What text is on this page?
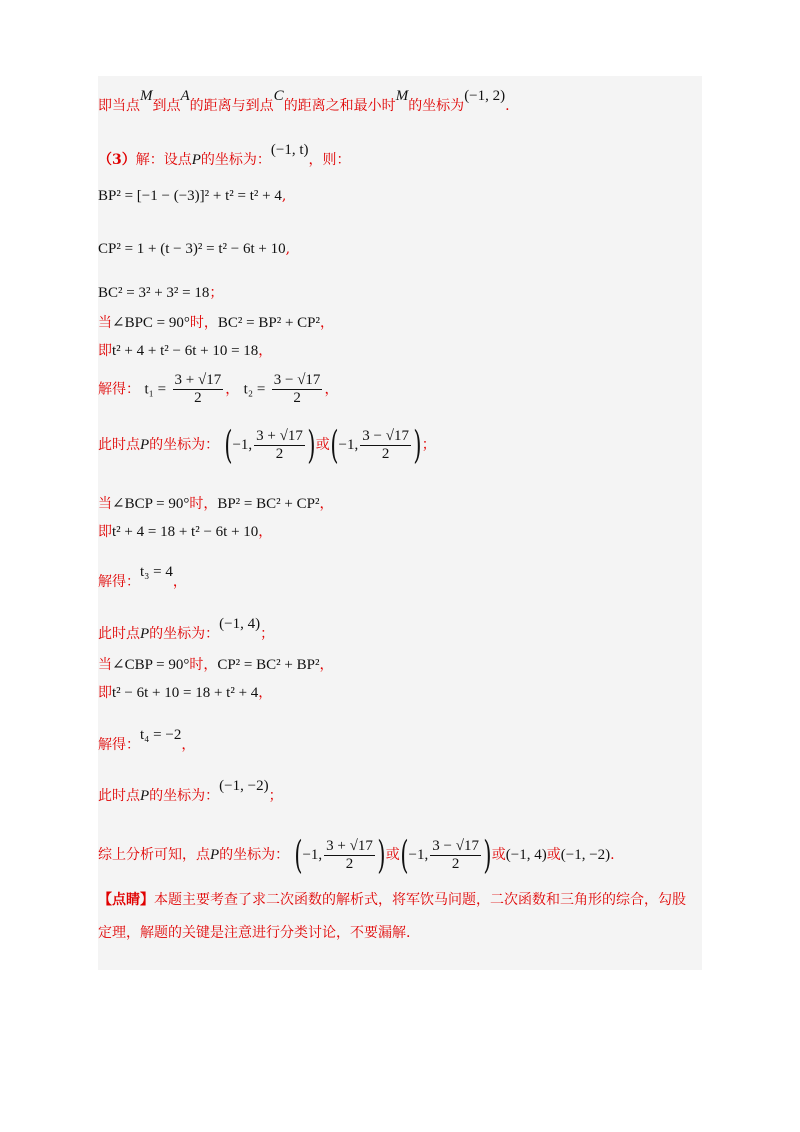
即当点M到点A的距离与到点C的距离之和最小时M的坐标为(−1, 2).
（3）解：设点P的坐标为：(−1, t)，则：
BP² = [−1 − (−3)]² + t² = t² + 4,
CP² = 1 + (t − 3)² = t² − 6t + 10,
BC² = 3² + 3² = 18；
当∠BPC = 90°时，BC² = BP² + CP²，
即t² + 4 + t² − 6t + 10 = 18，
解得： $t_1 = \frac{3 + √17}{2}$ ， $t_2 = \frac{3 - √17}{2}$ ，
此时点P的坐标为： (−1, $\frac{3 + √17}{2}$ )或(−1, $\frac{3 - √17}{2}$ )；
当∠BCP = 90°时，BP² = BC² + CP²，
即t² + 4 = 18 + t² − 6t + 10，
解得：t₃ = 4，
此时点P的坐标为：(−1, 4)；
当∠CBP = 90°时，CP² = BC² + BP²，
即t² − 6t + 10 = 18 + t² + 4，
解得：t₄ = −2，
此时点P的坐标为：(−1, −2)；
综上分析可知，点P的坐标为： (−1, $\frac{3 + √17}{2}$ )或(−1, $\frac{3 - √17}{2}$ )或(−1, 4)或(−1, −2).
【点睛】本题主要考查了求二次函数的解析式，将军饮马问题，二次函数和三角形的综合，勾股
定理，解题的关键是注意进行分类讨论，不要漏解.
